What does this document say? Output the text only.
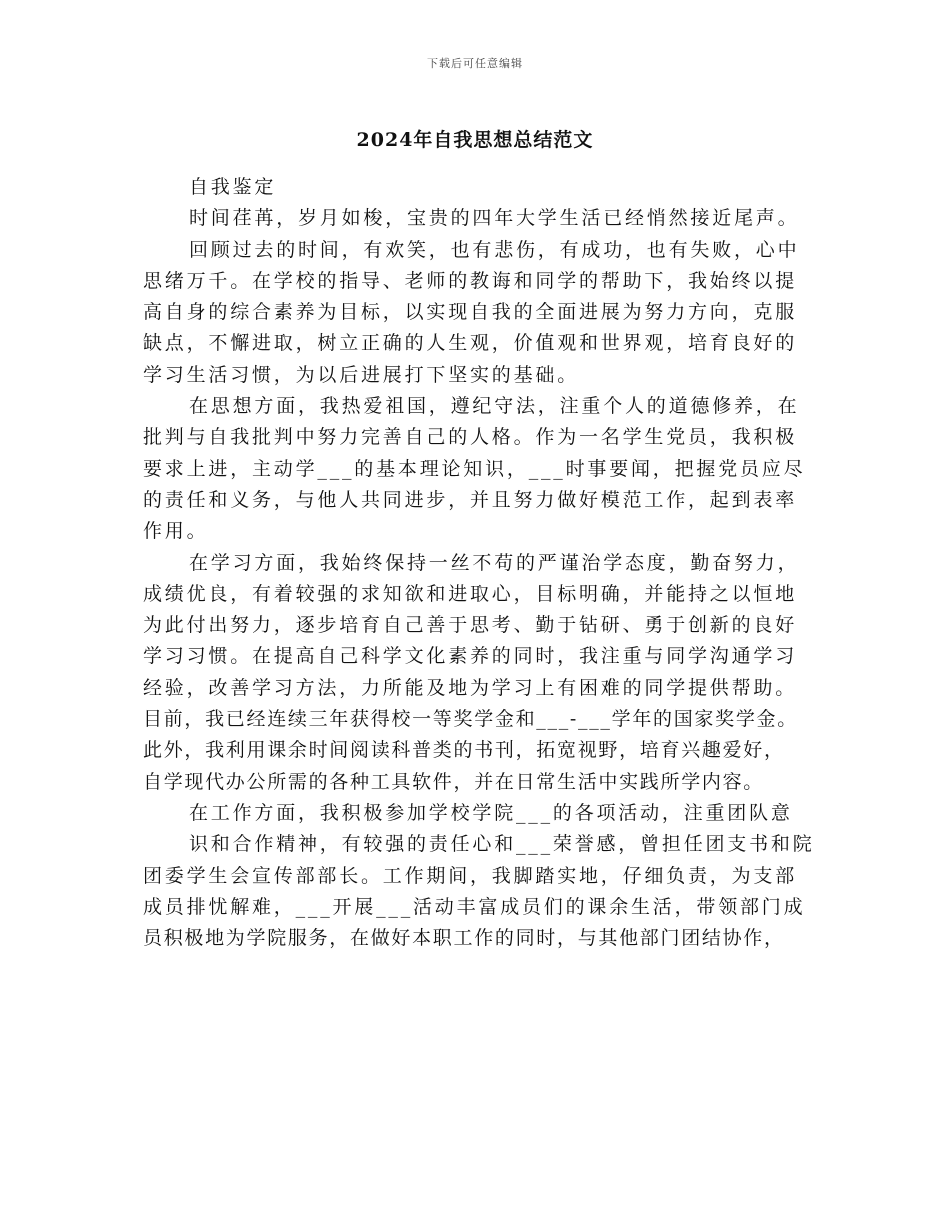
下载后可任意编辑
2024年自我思想总结范文
自我鉴定
时间荏苒，岁月如梭，宝贵的四年大学生活已经悄然接近尾声。
回顾过去的时间，有欢笑，也有悲伤，有成功，也有失败，心中
思绪万千。在学校的指导、老师的教诲和同学的帮助下，我始终以提
高自身的综合素养为目标，以实现自我的全面进展为努力方向，克服
缺点，不懈进取，树立正确的人生观，价值观和世界观，培育良好的
学习生活习惯，为以后进展打下坚实的基础。
在思想方面，我热爱祖国，遵纪守法，注重个人的道德修养，在
批判与自我批判中努力完善自己的人格。作为一名学生党员，我积极
要求上进，主动学___的基本理论知识，___时事要闻，把握党员应尽
的责任和义务，与他人共同进步，并且努力做好模范工作，起到表率
作用。
在学习方面，我始终保持一丝不苟的严谨治学态度，勤奋努力，
成绩优良，有着较强的求知欲和进取心，目标明确，并能持之以恒地
为此付出努力，逐步培育自己善于思考、勤于钻研、勇于创新的良好
学习习惯。在提高自己科学文化素养的同时，我注重与同学沟通学习
经验，改善学习方法，力所能及地为学习上有困难的同学提供帮助。
目前，我已经连续三年获得校一等奖学金和___-___学年的国家奖学金。
此外，我利用课余时间阅读科普类的书刊，拓宽视野，培育兴趣爱好，
自学现代办公所需的各种工具软件，并在日常生活中实践所学内容。
在工作方面，我积极参加学校学院___的各项活动，注重团队意
识和合作精神，有较强的责任心和___荣誉感，曾担任团支书和院
团委学生会宣传部部长。工作期间，我脚踏实地，仔细负责，为支部
成员排忧解难，___开展___活动丰富成员们的课余生活，带领部门成
员积极地为学院服务，在做好本职工作的同时，与其他部门团结协作，
